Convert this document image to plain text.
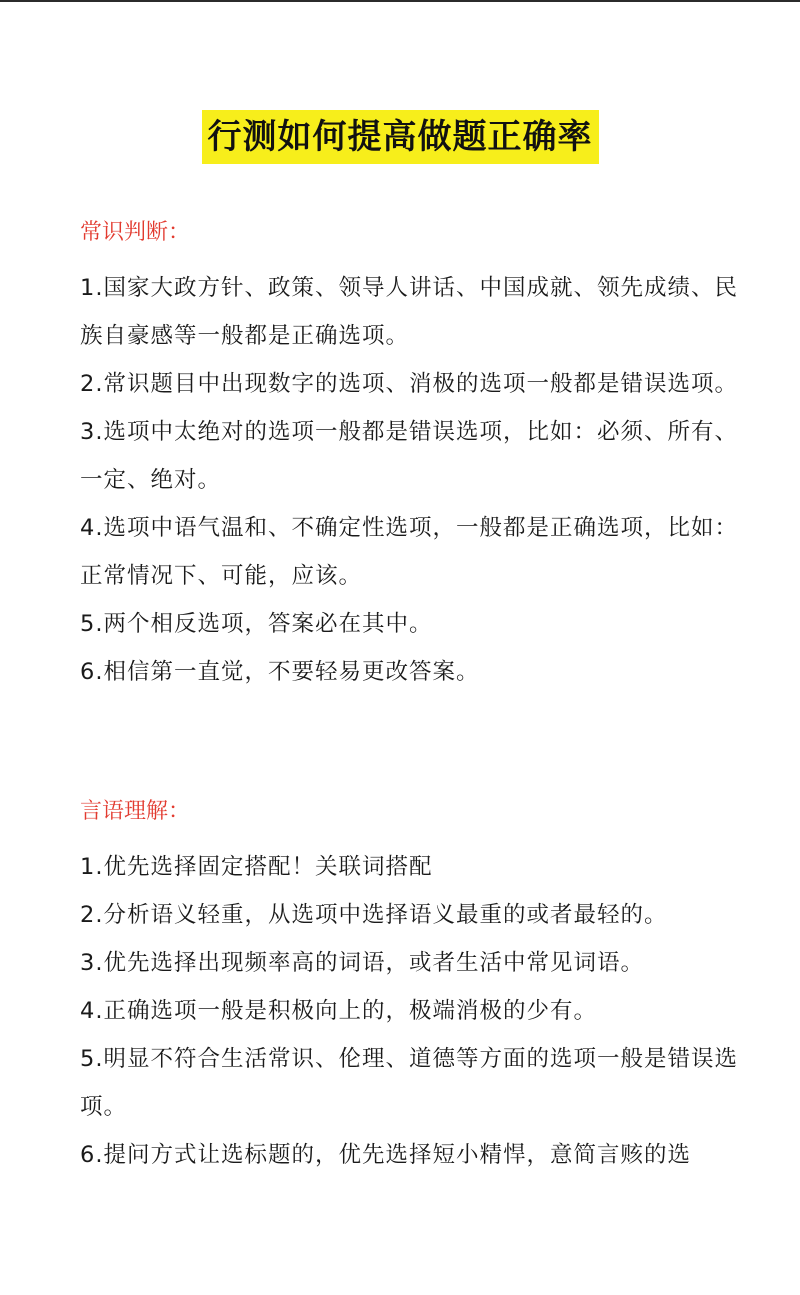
行测如何提高做题正确率
常识判断：

1.国家大政方针、政策、领导人讲话、中国成就、领先成绩、民族自豪感等一般都是正确选项。

2.常识题目中出现数字的选项、消极的选项一般都是错误选项。

3.选项中太绝对的选项一般都是错误选项，比如：必须、所有、一定、绝对。

4.选项中语气温和、不确定性选项，一般都是正确选项，比如：正常情况下、可能，应该。

5.两个相反选项，答案必在其中。

6.相信第一直觉，不要轻易更改答案。

言语理解：

1.优先选择固定搭配！关联词搭配

2.分析语义轻重，从选项中选择语义最重的或者最轻的。

3.优先选择出现频率高的词语，或者生活中常见词语。

4.正确选项一般是积极向上的，极端消极的少有。

5.明显不符合生活常识、伦理、道德等方面的选项一般是错误选项。

6.提问方式让选标题的，优先选择短小精悍，意简言赅的选
